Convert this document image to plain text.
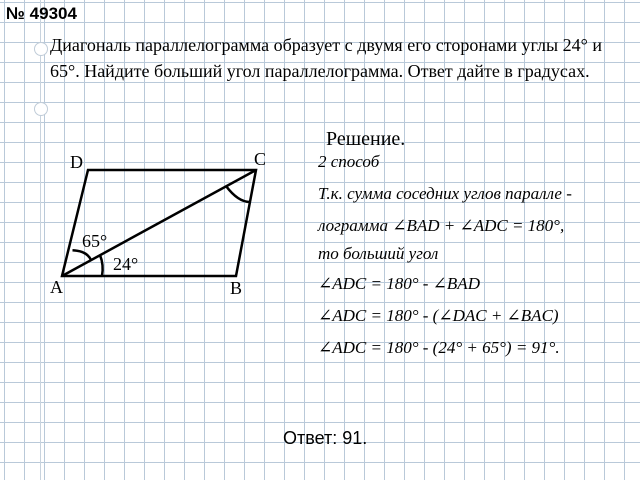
№ 49304
Диагональ параллелограмма образует с двумя его сторонами углы 24° и 65°. Найдите больший угол параллелограмма. Ответ дайте в градусах.
A	B
C
D
65°
24°
Решение.
2 способ
Т.к. сумма соседних углов паралле -
лограмма ∠BAD + ∠ADC = 180°,
то больший угол
∠ADC = 180° - ∠BAD
∠ADC = 180° - (∠DAC + ∠BAC)
∠ADC = 180° - (24° + 65°) = 91°.
Ответ: 91.
